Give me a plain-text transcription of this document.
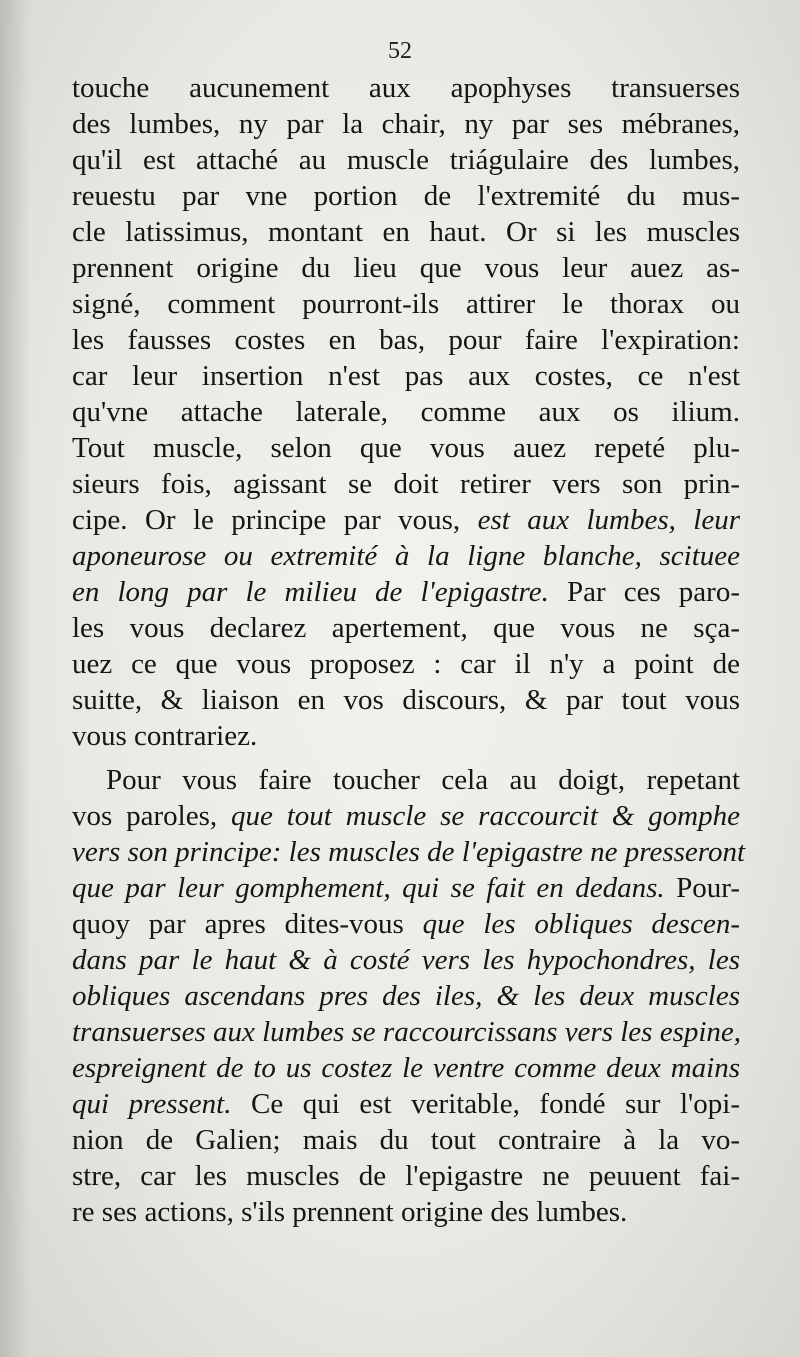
52
touche aucunement aux apophyses transuerses
des lumbes, ny par la chair, ny par ses mébranes,
qu'il est attaché au muscle triágulaire des lumbes,
reuestu par vne portion de l'extremité du mus-
cle latissimus, montant en haut. Or si les muscles
prennent origine du lieu que vous leur auez as-
signé, comment pourront-ils attirer le thorax ou
les fausses costes en bas, pour faire l'expiration:
car leur insertion n'est pas aux costes, ce n'est
qu'vne attache laterale, comme aux os ilium.
Tout muscle, selon que vous auez repeté plu-
sieurs fois, agissant se doit retirer vers son prin-
cipe. Or le principe par vous, est aux lumbes, leur
aponeurose ou extremité à la ligne blanche, scituee
en long par le milieu de l'epigastre. Par ces paro-
les vous declarez apertement, que vous ne sça-
uez ce que vous proposez : car il n'y a point de
suitte, & liaison en vos discours, & par tout vous
vous contrariez.
Pour vous faire toucher cela au doigt, repetant
vos paroles, que tout muscle se raccourcit & gomphe
vers son principe: les muscles de l'epigastre ne presseront
que par leur gomphement, qui se fait en dedans. Pour-
quoy par apres dites-vous que les obliques descen-
dans par le haut & à costé vers les hypochondres, les
obliques ascendans pres des iles, & les deux muscles
transuerses aux lumbes se raccourcissans vers les espine,
espreignent de to us costez le ventre comme deux mains
qui pressent. Ce qui est veritable, fondé sur l'opi-
nion de Galien; mais du tout contraire à la vo-
stre, car les muscles de l'epigastre ne peuuent fai-
re ses actions, s'ils prennent origine des lumbes.
